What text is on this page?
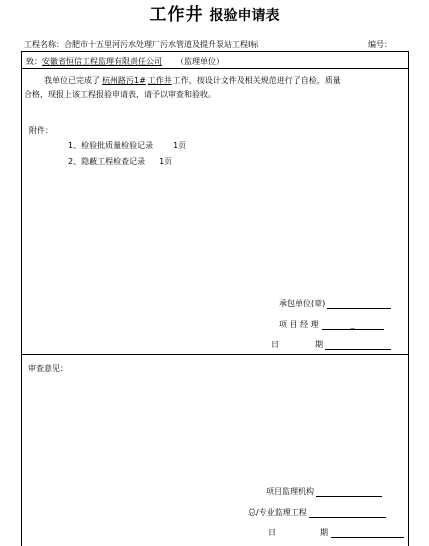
工作井 报验申请表
工程名称：合肥市十五里河污水处理厂污水管道及提升泵站工程Ⅰ标	编号：
致：安徽省恒信工程监理有限责任公司 （监理单位）
我单位已完成了 杭州路污1# 工作井工作，按设计文件及相关规范进行了自检，质量
合格，现报上该工程报验申请表，请予以审查和验收。
附件：
1、检验批质量检验记录	1页
2、隐蔽工程检查记录 1页
承包单位(章)
项 目 经 理	_
日	期
审查意见：
项目监理机构
总/专业监理工程
日	期
